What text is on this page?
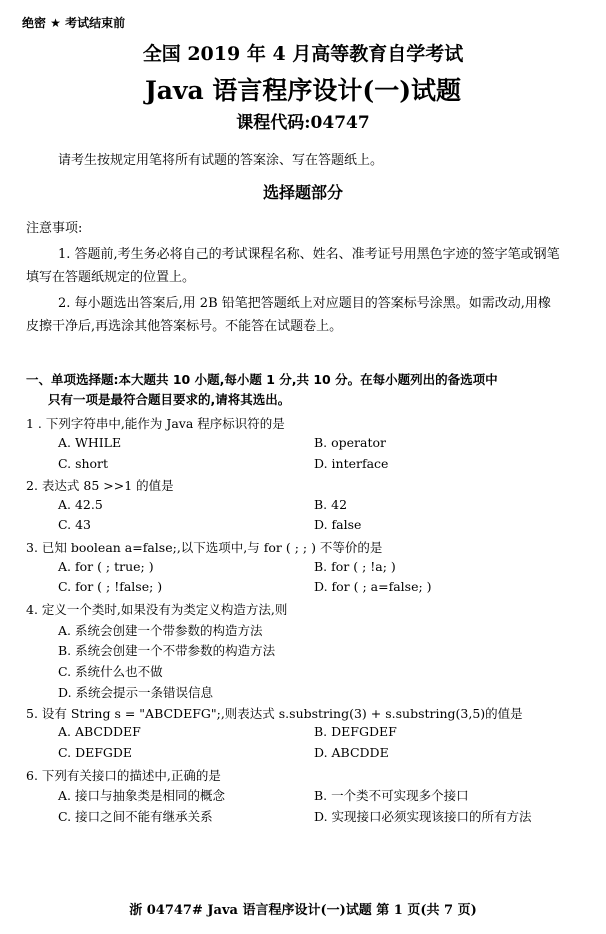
绝密 ★ 考试结束前
全国 2019 年 4 月高等教育自学考试
Java 语言程序设计(一)试题
课程代码:04747
请考生按规定用笔将所有试题的答案涂、写在答题纸上。
选择题部分
注意事项:
1. 答题前,考生务必将自己的考试课程名称、姓名、准考证号用黑色字迹的签字笔或钢笔
填写在答题纸规定的位置上。
2. 每小题选出答案后,用 2B 铅笔把答题纸上对应题目的答案标号涂黑。如需改动,用橡
皮擦干净后,再选涂其他答案标号。不能答在试题卷上。
一、单项选择题:本大题共 10 小题,每小题 1 分,共 10 分。在每小题列出的备选项中
只有一项是最符合题目要求的,请将其选出。
1 . 下列字符串中,能作为 Java 程序标识符的是
A. WHILE	B. operator
C. short	D. interface
2. 表达式 85 >>1 的值是
A. 42.5	B. 42
C. 43	D. false
3. 已知 boolean a=false;,以下选项中,与 for ( ; ; ) 不等价的是
A. for ( ; true; )	B. for ( ; !a; )
C. for ( ; !false; )	D. for ( ; a=false; )
4. 定义一个类时,如果没有为类定义构造方法,则
A. 系统会创建一个带参数的构造方法
B. 系统会创建一个不带参数的构造方法
C. 系统什么也不做
D. 系统会提示一条错误信息
5. 设有 String s = "ABCDEFG";,则表达式 s.substring(3) + s.substring(3,5)的值是
A. ABCDDEF	B. DEFGDEF
C. DEFGDE	D. ABCDDE
6. 下列有关接口的描述中,正确的是
A. 接口与抽象类是相同的概念	B. 一个类不可实现多个接口
C. 接口之间不能有继承关系	D. 实现接口必须实现该接口的所有方法
浙 04747# Java 语言程序设计(一)试题 第 1 页(共 7 页)
